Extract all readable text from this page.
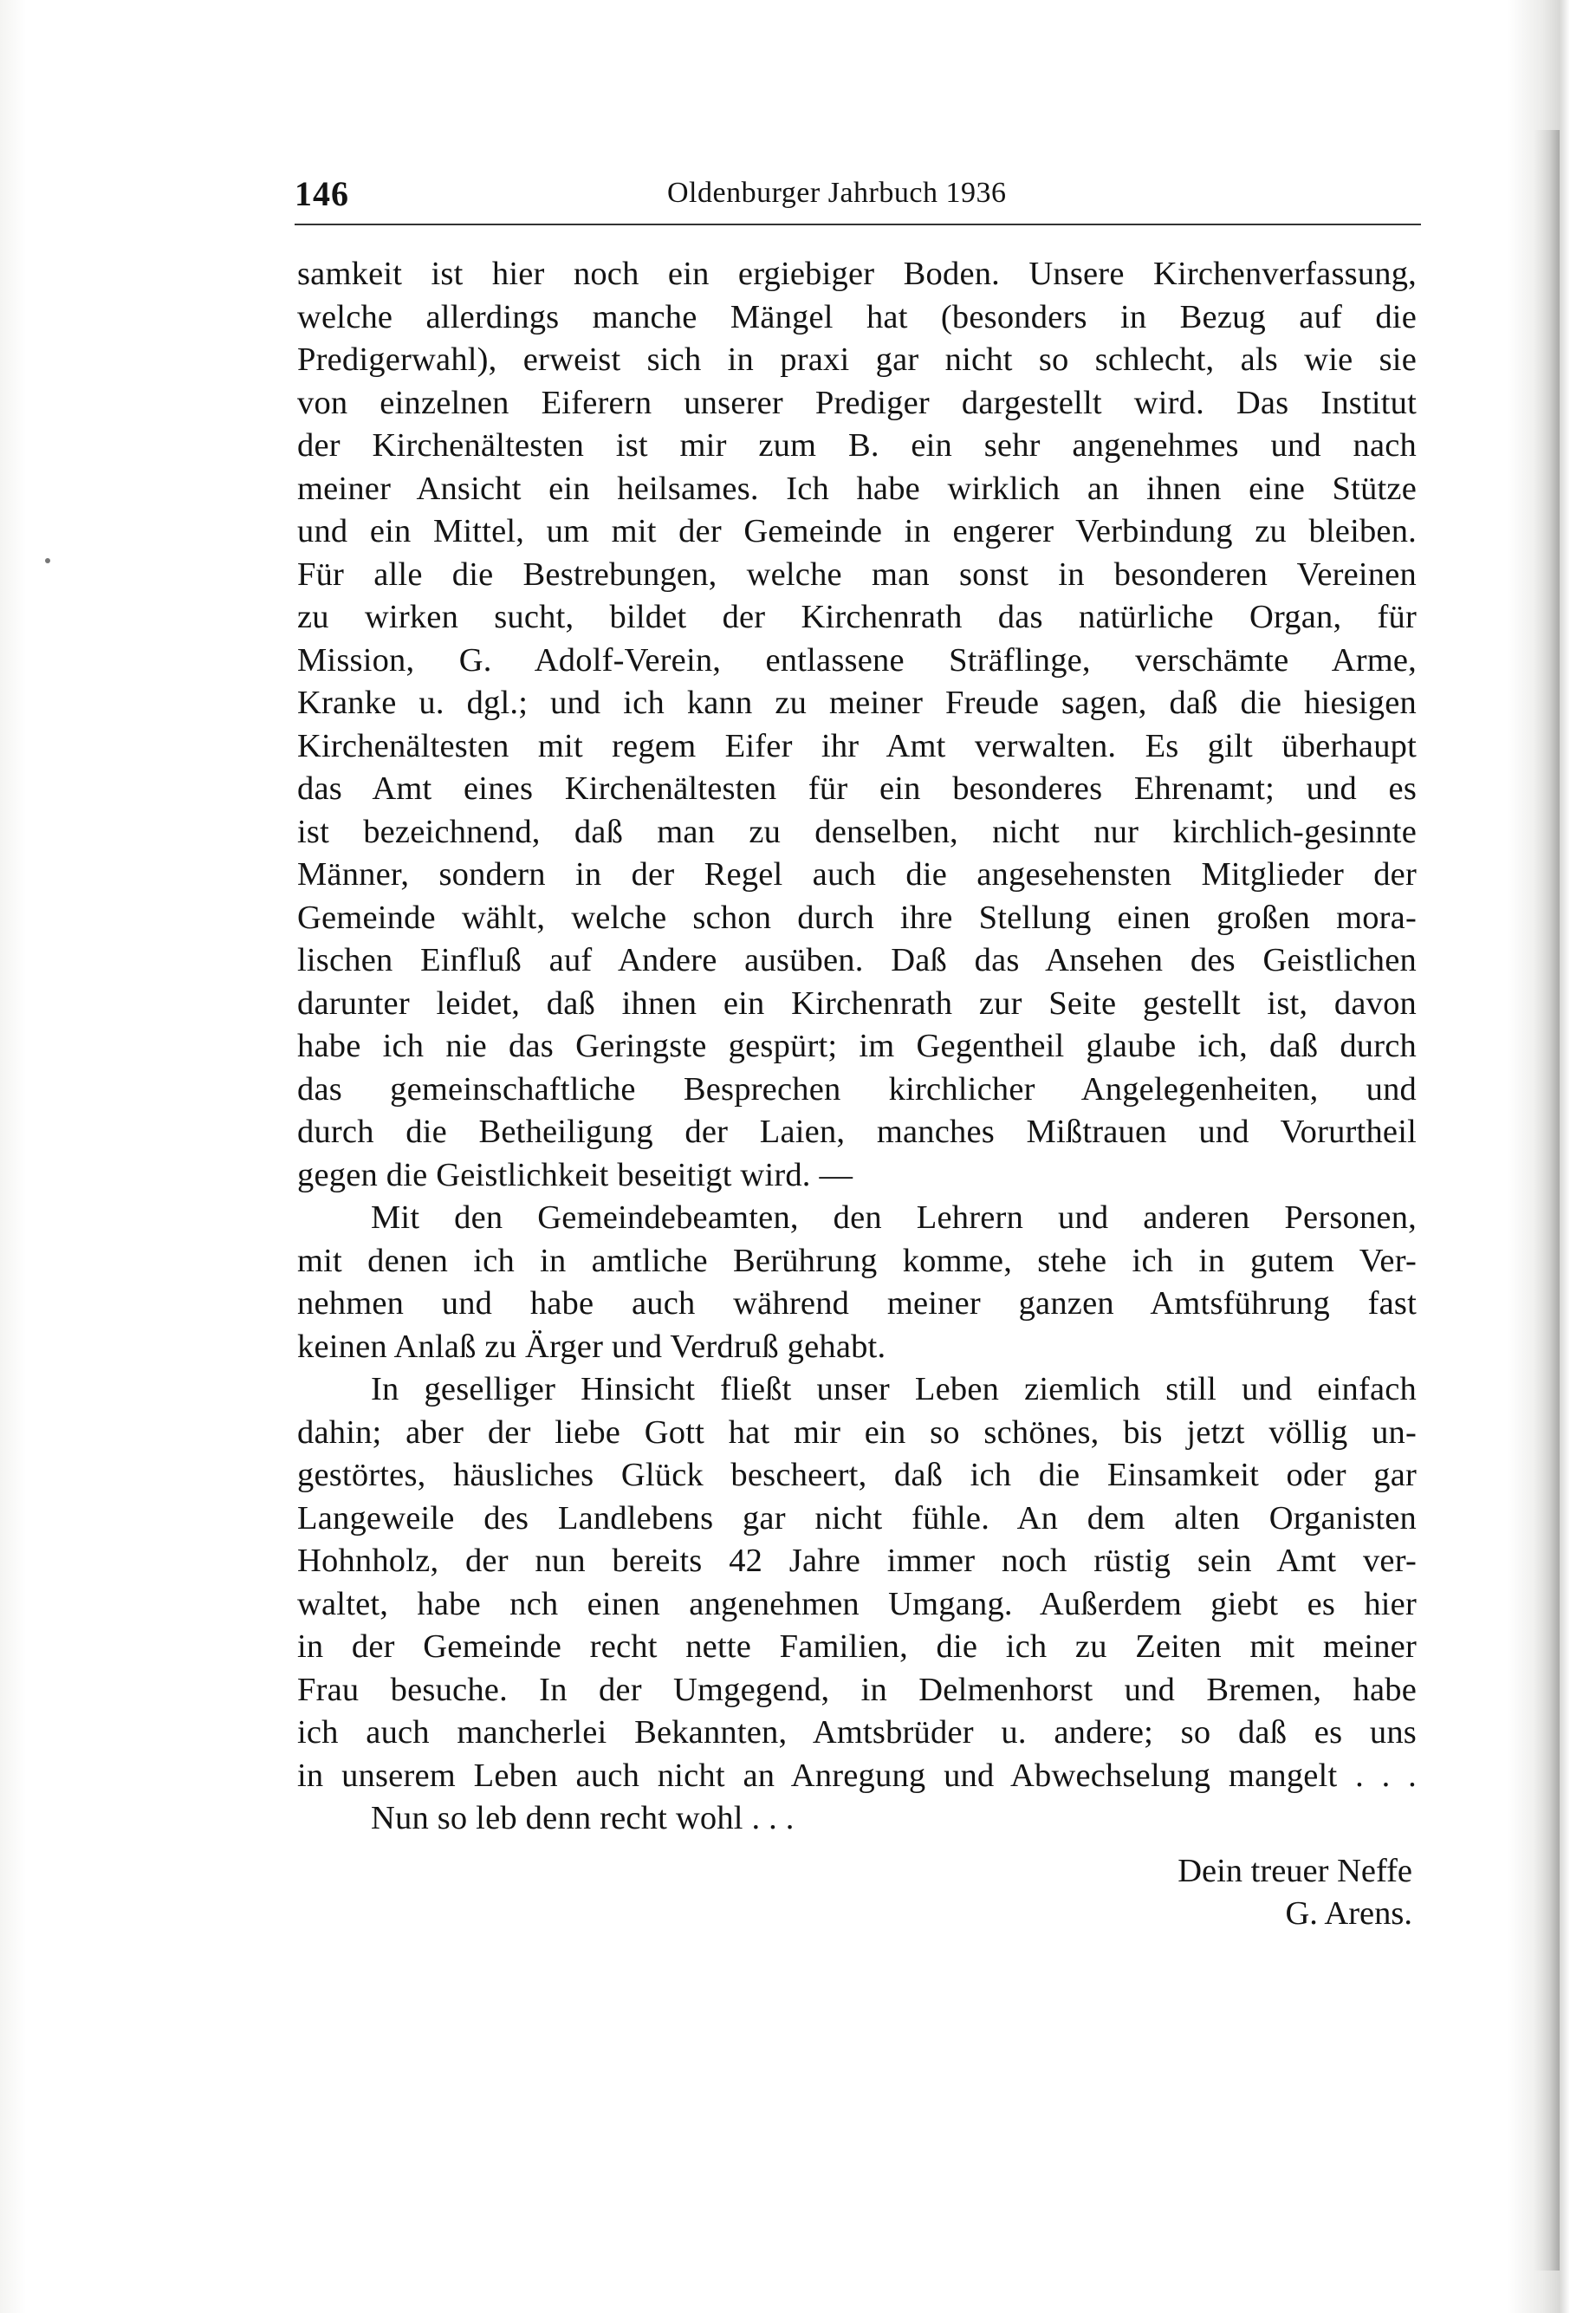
146	Oldenburger Jahrbuch 1936
samkeit ist hier noch ein ergiebiger Boden. Unsere Kirchenverfassung,
welche allerdings manche Mängel hat (besonders in Bezug auf die
Predigerwahl), erweist sich in praxi gar nicht so schlecht, als wie sie
von einzelnen Eiferern unserer Prediger dargestellt wird. Das Institut
der Kirchenältesten ist mir zum B. ein sehr angenehmes und nach
meiner Ansicht ein heilsames. Ich habe wirklich an ihnen eine Stütze
und ein Mittel, um mit der Gemeinde in engerer Verbindung zu bleiben.
Für alle die Bestrebungen, welche man sonst in besonderen Vereinen
zu wirken sucht, bildet der Kirchenrath das natürliche Organ, für
Mission, G. Adolf-Verein, entlassene Sträflinge, verschämte Arme,
Kranke u. dgl.; und ich kann zu meiner Freude sagen, daß die hiesigen
Kirchenältesten mit regem Eifer ihr Amt verwalten. Es gilt überhaupt
das Amt eines Kirchenältesten für ein besonderes Ehrenamt; und es
ist bezeichnend, daß man zu denselben, nicht nur kirchlich-gesinnte
Männer, sondern in der Regel auch die angesehensten Mitglieder der
Gemeinde wählt, welche schon durch ihre Stellung einen großen mora-
lischen Einfluß auf Andere ausüben. Daß das Ansehen des Geistlichen
darunter leidet, daß ihnen ein Kirchenrath zur Seite gestellt ist, davon
habe ich nie das Geringste gespürt; im Gegentheil glaube ich, daß durch
das gemeinschaftliche Besprechen kirchlicher Angelegenheiten, und
durch die Betheiligung der Laien, manches Mißtrauen und Vorurtheil
gegen die Geistlichkeit beseitigt wird. —
Mit den Gemeindebeamten, den Lehrern und anderen Personen,
mit denen ich in amtliche Berührung komme, stehe ich in gutem Ver-
nehmen und habe auch während meiner ganzen Amtsführung fast
keinen Anlaß zu Ärger und Verdruß gehabt.
In geselliger Hinsicht fließt unser Leben ziemlich still und einfach
dahin; aber der liebe Gott hat mir ein so schönes, bis jetzt völlig un-
gestörtes, häusliches Glück bescheert, daß ich die Einsamkeit oder gar
Langeweile des Landlebens gar nicht fühle. An dem alten Organisten
Hohnholz, der nun bereits 42 Jahre immer noch rüstig sein Amt ver-
waltet, habe nch einen angenehmen Umgang. Außerdem giebt es hier
in der Gemeinde recht nette Familien, die ich zu Zeiten mit meiner
Frau besuche. In der Umgegend, in Delmenhorst und Bremen, habe
ich auch mancherlei Bekannten, Amtsbrüder u. andere; so daß es uns
in unserem Leben auch nicht an Anregung und Abwechselung mangelt . . .
Nun so leb denn recht wohl . . .
Dein treuer Neffe
G. Arens.
